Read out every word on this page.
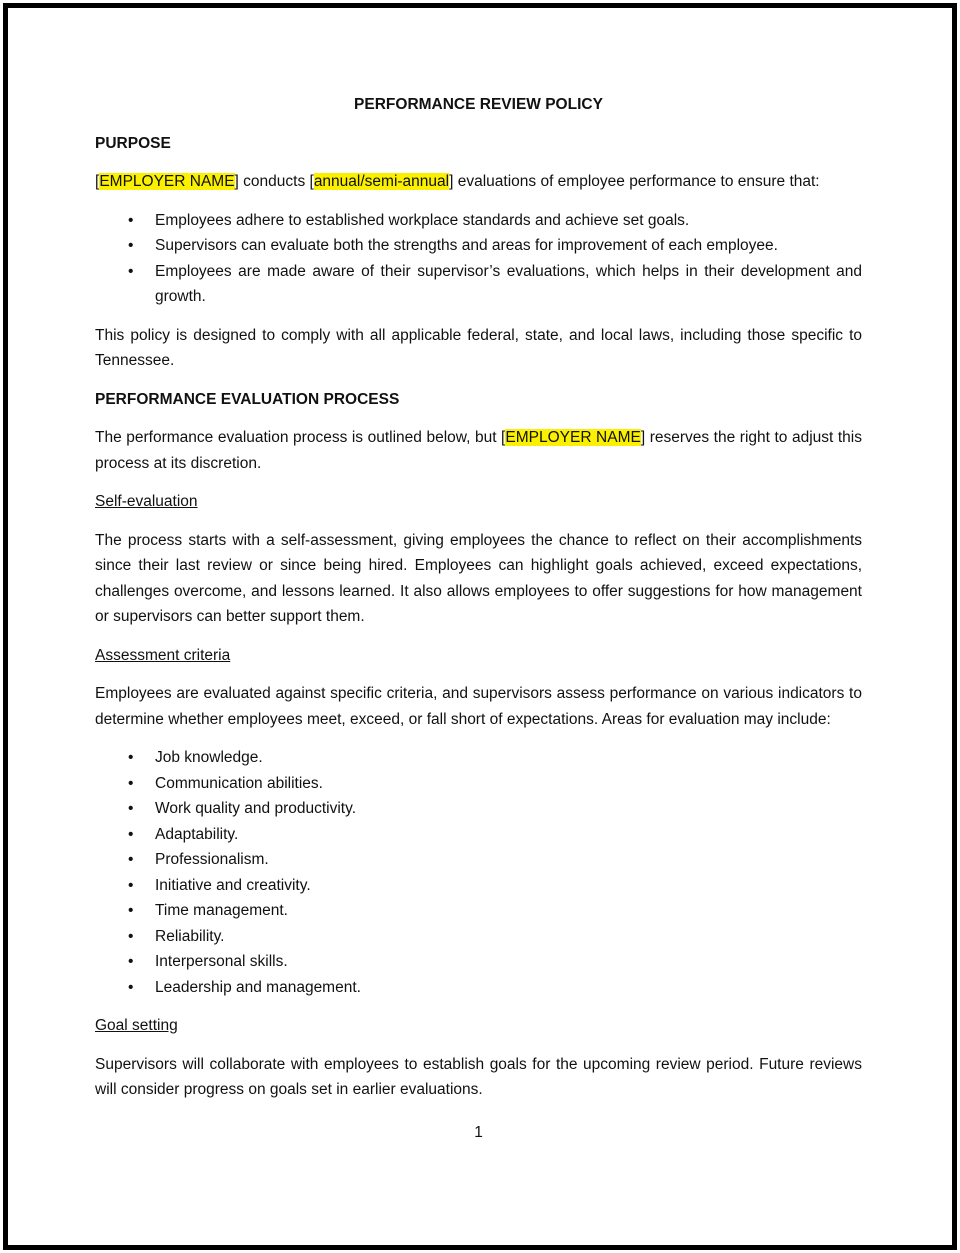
PERFORMANCE REVIEW POLICY
PURPOSE

[EMPLOYER NAME] conducts [annual/semi-annual] evaluations of employee performance to ensure that:

• Employees adhere to established workplace standards and achieve set goals.
• Supervisors can evaluate both the strengths and areas for improvement of each employee.
• Employees are made aware of their supervisor’s evaluations, which helps in their development and growth.

This policy is designed to comply with all applicable federal, state, and local laws, including those specific to Tennessee.

PERFORMANCE EVALUATION PROCESS

The performance evaluation process is outlined below, but [EMPLOYER NAME] reserves the right to adjust this process at its discretion.

Self-evaluation

The process starts with a self-assessment, giving employees the chance to reflect on their accomplishments since their last review or since being hired. Employees can highlight goals achieved, exceed expectations, challenges overcome, and lessons learned. It also allows employees to offer suggestions for how management or supervisors can better support them.

Assessment criteria

Employees are evaluated against specific criteria, and supervisors assess performance on various indicators to determine whether employees meet, exceed, or fall short of expectations. Areas for evaluation may include:

• Job knowledge.
• Communication abilities.
• Work quality and productivity.
• Adaptability.
• Professionalism.
• Initiative and creativity.
• Time management.
• Reliability.
• Interpersonal skills.
• Leadership and management.
Goal setting

Supervisors will collaborate with employees to establish goals for the upcoming review period. Future reviews will consider progress on goals set in earlier evaluations.

1
